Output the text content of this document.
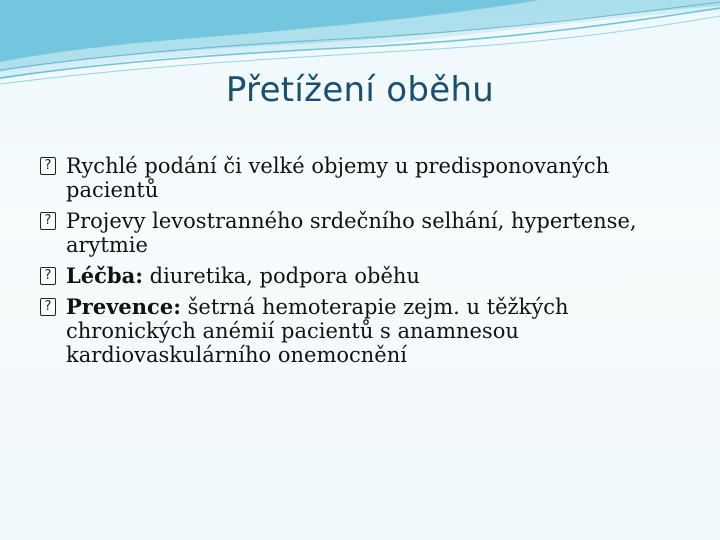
Přetížení oběhu
? Rychlé podání či velké objemy u predisponovaných pacientů
? Projevy levostranného srdečního selhání, hypertense, arytmie
? Léčba: diuretika, podpora oběhu
? Prevence: šetrná hemoterapie zejm. u těžkých chronických anémií pacientů s anamnesou kardiovaskulárního onemocnění
